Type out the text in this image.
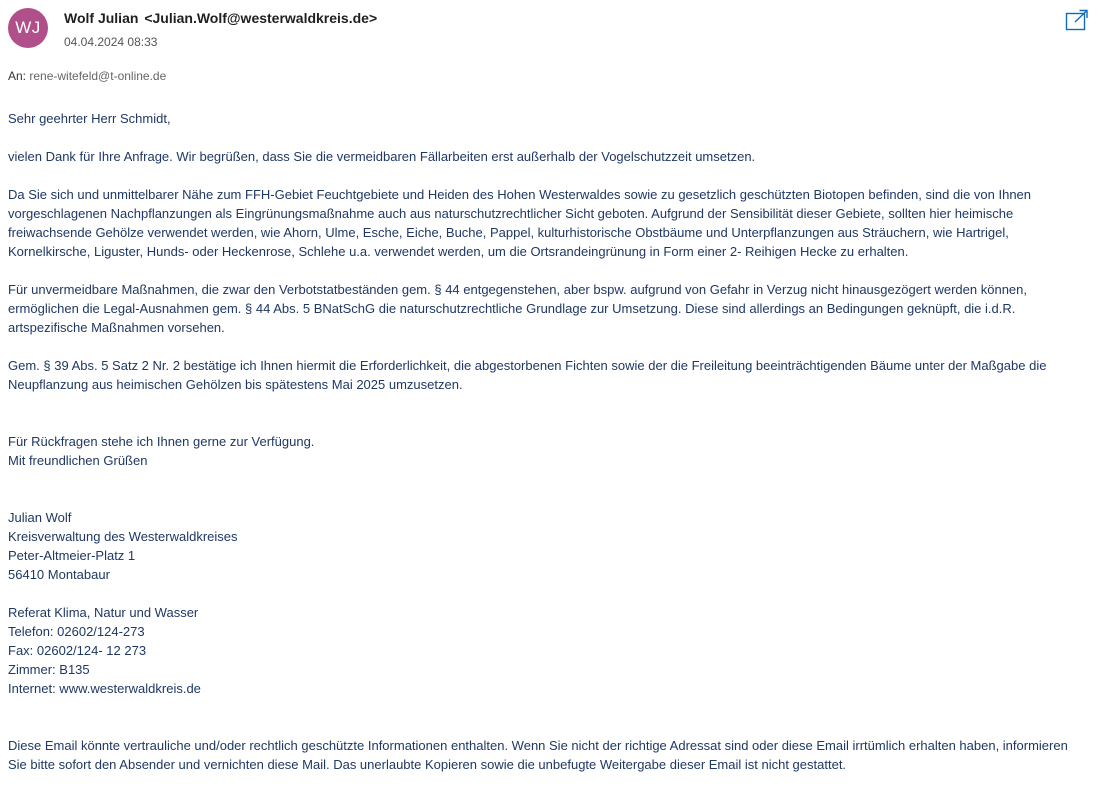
WJ	Wolf Julian <Julian.Wolf@westerwaldkreis.de>
04.04.2024 08:33
An: rene-witefeld@t-online.de

Sehr geehrter Herr Schmidt,

vielen Dank für Ihre Anfrage. Wir begrüßen, dass Sie die vermeidbaren Fällarbeiten erst außerhalb der Vogelschutzzeit umsetzen.

Da Sie sich und unmittelbarer Nähe zum FFH-Gebiet Feuchtgebiete und Heiden des Hohen Westerwaldes sowie zu gesetzlich geschützten Biotopen befinden, sind die von Ihnen vorgeschlagenen Nachpflanzungen als Eingrünungsmaßnahme auch aus naturschutzrechtlicher Sicht geboten. Aufgrund der Sensibilität dieser Gebiete, sollten hier heimische freiwachsende Gehölze verwendet werden, wie Ahorn, Ulme, Esche, Eiche, Buche, Pappel, kulturhistorische Obstbäume und Unterpflanzungen aus Sträuchern, wie Hartrigel, Kornelkirsche, Liguster, Hunds- oder Heckenrose, Schlehe u.a. verwendet werden, um die Ortsrandeingrünung in Form einer 2- Reihigen Hecke zu erhalten.

Für unvermeidbare Maßnahmen, die zwar den Verbotstatbeständen gem. § 44 entgegenstehen, aber bspw. aufgrund von Gefahr in Verzug nicht hinausgezögert werden können, ermöglichen die Legal-Ausnahmen gem. § 44 Abs. 5 BNatSchG die naturschutzrechtliche Grundlage zur Umsetzung. Diese sind allerdings an Bedingungen geknüpft, die i.d.R. artspezifische Maßnahmen vorsehen.

Gem. § 39 Abs. 5 Satz 2 Nr. 2 bestätige ich Ihnen hiermit die Erforderlichkeit, die abgestorbenen Fichten sowie der die Freileitung beeinträchtigenden Bäume unter der Maßgabe die Neupflanzung aus heimischen Gehölzen bis spätestens Mai 2025 umzusetzen.

Für Rückfragen stehe ich Ihnen gerne zur Verfügung.

Mit freundlichen Grüßen

Julian Wolf

Kreisverwaltung des Westerwaldkreises

Peter-Altmeier-Platz 1

56410 Montabaur

Referat Klima, Natur und Wasser

Telefon: 02602/124-273

Fax: 02602/124- 12 273

Zimmer: B135

Internet: www.westerwaldkreis.de

Diese Email könnte vertrauliche und/oder rechtlich geschützte Informationen enthalten. Wenn Sie nicht der richtige Adressat sind oder diese Email irrtümlich erhalten haben, informieren Sie bitte sofort den Absender und vernichten diese Mail. Das unerlaubte Kopieren sowie die unbefugte Weitergabe dieser Email ist nicht gestattet.
